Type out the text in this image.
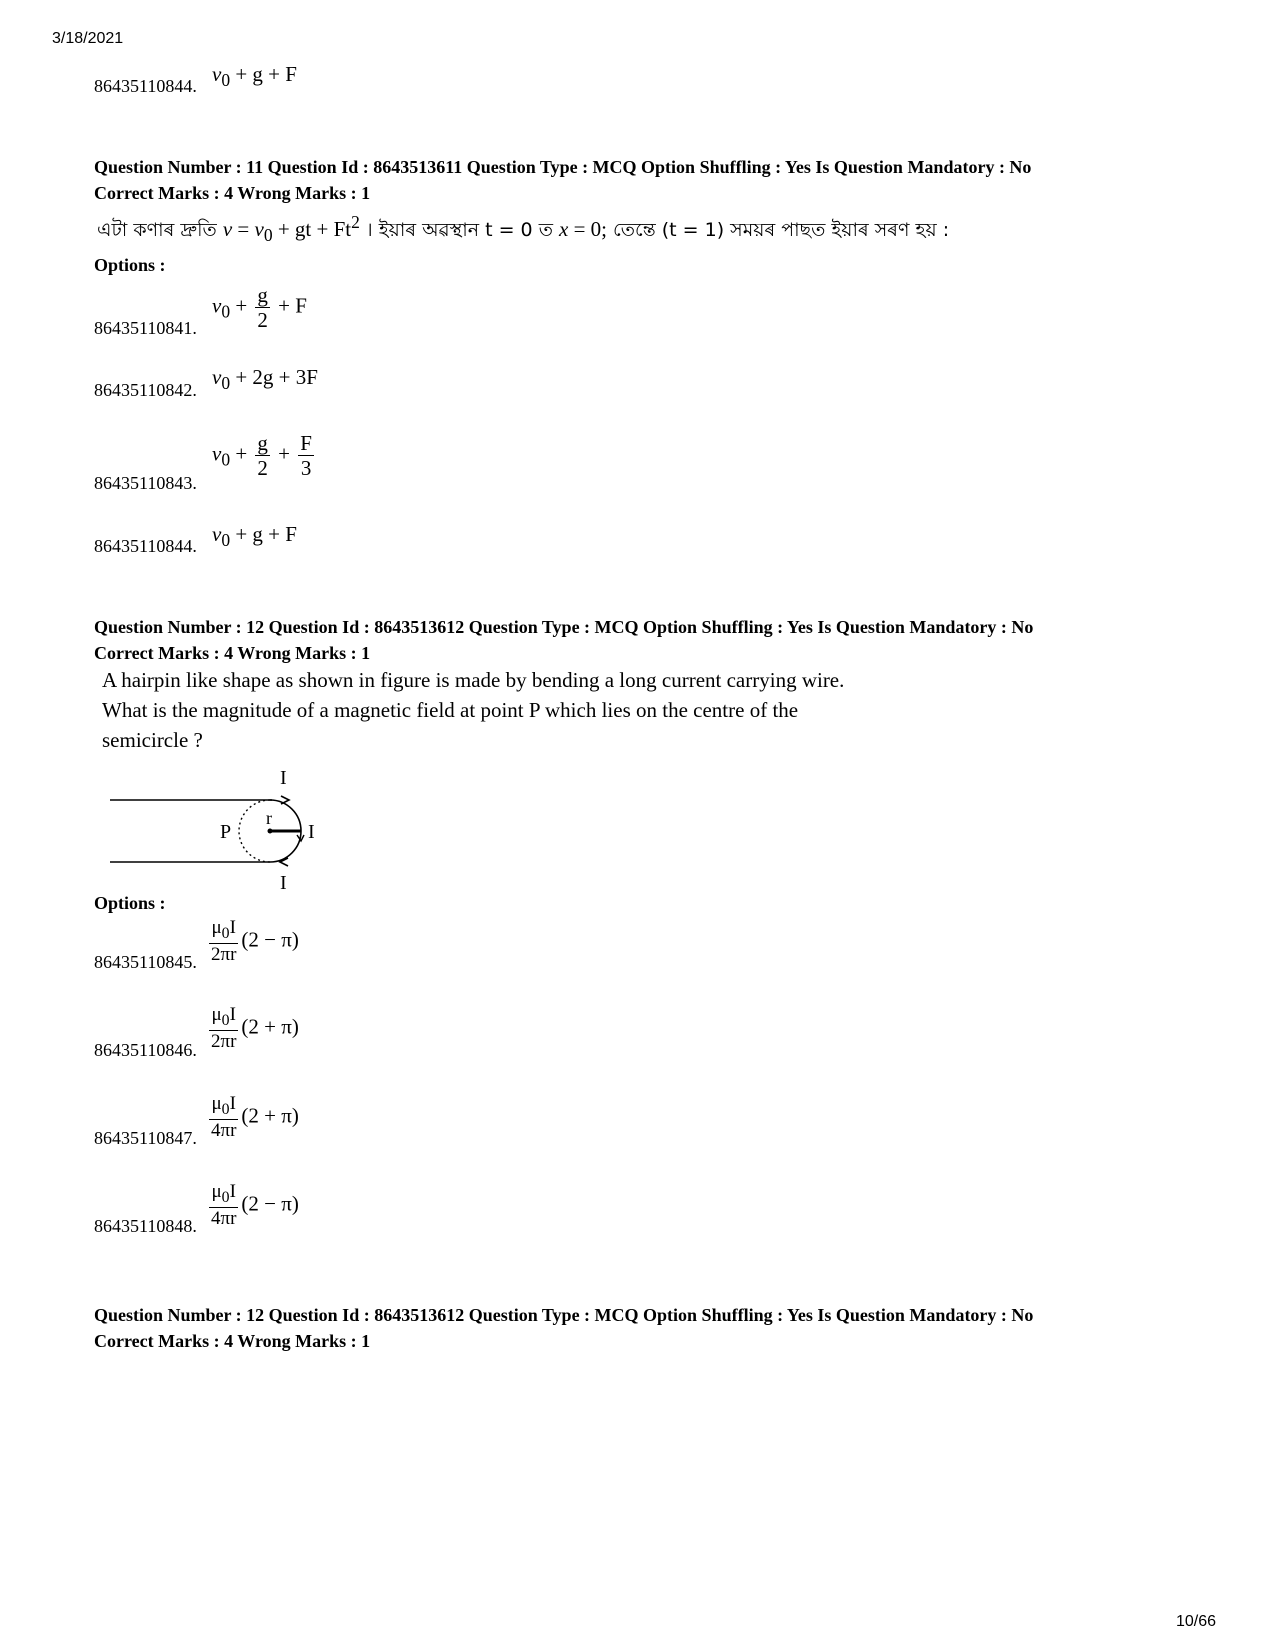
3/18/2021
86435110844. $v_0 + g + F$
Question Number : 11 Question Id : 8643513611 Question Type : MCQ Option Shuffling : Yes Is Question Mandatory : No
Correct Marks : 4 Wrong Marks : 1
এটা কণাৰ দ্ৰুতি $v = v_0$ + gt + $Ft^2$ । ইয়াৰ অৱস্থান t = 0 ত x = 0; তেন্তে (t = 1) সময়ৰ পাছত ইয়াৰ সৰণ হয় :
Options :
86435110841.
$v_0 + \frac{g}{2} + F$
86435110842.
$v_0 + 2g + 3F$
86435110843.
$v_0 + \frac{g}{2} + \frac{F}{3}$
86435110844. $v_0 + g + F$
Question Number : 12 Question Id : 8643513612 Question Type : MCQ Option Shuffling : Yes Is Question Mandatory : No
Correct Marks : 4 Wrong Marks : 1
A hairpin like shape as shown in figure is made by bending a long current carrying wire.
What is the magnitude of a magnetic field at point P which lies on the centre of the
semicircle ?
I
I
I
P
r
Options :
86435110845. $\frac{\mu_0I}{2\pi r} (2 - \pi)$
86435110846. $\frac{\mu_0I}{2\pi r} (2 + \pi)$
86435110847. $\frac{\mu_0I}{4\pi r} (2 + \pi)$
86435110848. $\frac{\mu_0I}{4\pi r} (2 - \pi)$
Question Number : 12 Question Id : 8643513612 Question Type : MCQ Option Shuffling : Yes Is Question Mandatory : No
Correct Marks : 4 Wrong Marks : 1
10/66
